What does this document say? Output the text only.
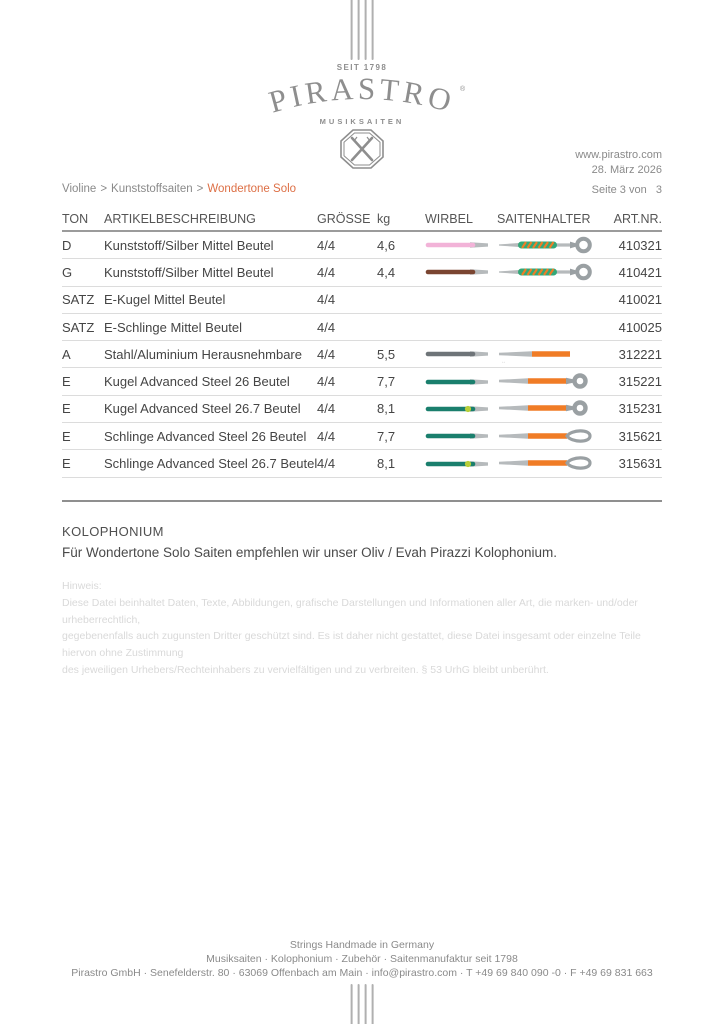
SEIT 1798
PIRASTRO ®
MUSIKSAITEN
www.pirastro.com
28. März 2026
Seite 3 von   3
Violine > Kunststoffsaiten > Wondertone Solo
TON	ARTIKELBESCHREIBUNG	GRÖSSE kg	WIRBEL	SAITENHALTER	ART.NR.
D	Kunststoff/Silber Mittel Beutel	4/4	4,6	410321
G	Kunststoff/Silber Mittel Beutel	4/4	4,4	410421
SATZ E-Kugel Mittel Beutel	4/4	410021
SATZ E-Schlinge Mittel Beutel	4/4	410025
A	Stahl/Aluminium Herausnehmbare	4/4	5,5	↔	312221
E	Kugel Advanced Steel 26 Beutel	4/4	7,7	315221
E	Kugel Advanced Steel 26.7 Beutel	4/4	8,1	315231
E	Schlinge Advanced Steel 26 Beutel 4/4	7,7	315621
E	Schlinge Advanced Steel 26.7 Beutel 4/4	8,1	315631
KOLOPHONIUM
Für Wondertone Solo Saiten empfehlen wir unser Oliv / Evah Pirazzi Kolophonium.
Hinweis:
Diese Datei beinhaltet Daten, Texte, Abbildungen, grafische Darstellungen und Informationen aller Art, die marken- und/oder urheberrechtlich,
gegebenenfalls auch zugunsten Dritter geschützt sind. Es ist daher nicht gestattet, diese Datei insgesamt oder einzelne Teile hiervon ohne Zustimmung
des jeweiligen Urhebers/Rechteinhabers zu vervielfältigen und zu verbreiten. § 53 UrhG bleibt unberührt.
Strings Handmade in Germany
Musiksaiten · Kolophonium · Zubehör · Saitenmanufaktur seit 1798
Pirastro GmbH · Senefelderstr. 80 · 63069 Offenbach am Main · info@pirastro.com · T +49 69 840 090 -0 · F +49 69 831 663
